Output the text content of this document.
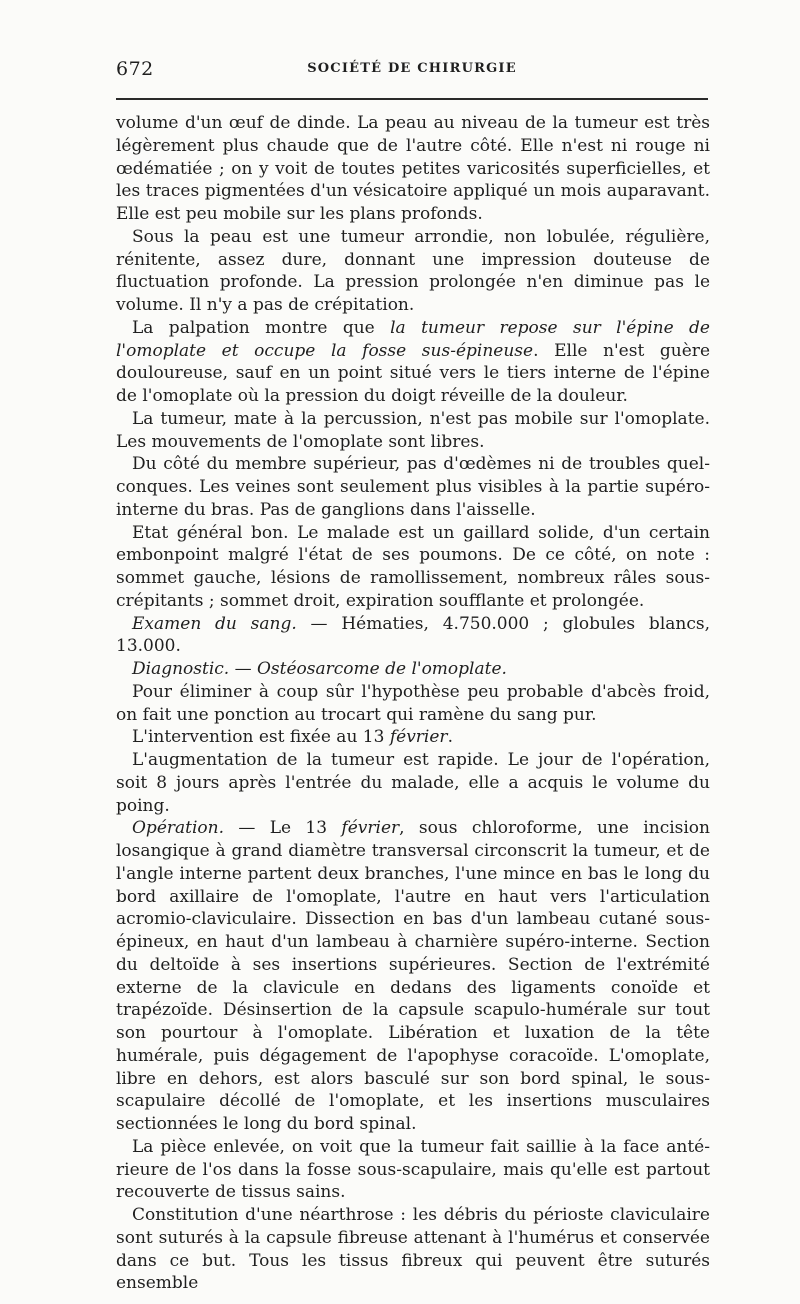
672	SOCIÉTÉ DE CHIRURGIE

volume d'un œuf de dinde. La peau au niveau de la tumeur est très légèrement plus chaude que de l'autre côté. Elle n'est ni rouge ni œdématiée ; on y voit de toutes petites varicosités superficielles, et les traces pigmentées d'un vésicatoire appliqué un mois auparavant. Elle est peu mobile sur les plans profonds.

Sous la peau est une tumeur arrondie, non lobulée, régulière, rénitente, assez dure, donnant une impression douteuse de fluctuation profonde. La pression prolongée n'en diminue pas le volume. Il n'y a pas de crépitation.

La palpation montre que la tumeur repose sur l'épine de l'omoplate et occupe la fosse sus-épineuse. Elle n'est guère douloureuse, sauf en un point situé vers le tiers interne de l'épine de l'omoplate où la pression du doigt réveille de la douleur.

La tumeur, mate à la percussion, n'est pas mobile sur l'omoplate. Les mouvements de l'omoplate sont libres.

Du côté du membre supérieur, pas d'œdèmes ni de troubles quelconques. Les veines sont seulement plus visibles à la partie supéro-interne du bras. Pas de ganglions dans l'aisselle.

Etat général bon. Le malade est un gaillard solide, d'un certain embonpoint malgré l'état de ses poumons. De ce côté, on note : sommet gauche, lésions de ramollissement, nombreux râles sous-crépitants ; sommet droit, expiration soufflante et prolongée.

Examen du sang. — Hématies, 4.750.000 ; globules blancs, 13.000.

Diagnostic. — Ostéosarcome de l'omoplate.

Pour éliminer à coup sûr l'hypothèse peu probable d'abcès froid, on fait une ponction au trocart qui ramène du sang pur.

L'intervention est fixée au 13 février.

L'augmentation de la tumeur est rapide. Le jour de l'opération, soit 8 jours après l'entrée du malade, elle a acquis le volume du poing.

Opération. — Le 13 février, sous chloroforme, une incision losangique à grand diamètre transversal circonscrit la tumeur, et de l'angle interne partent deux branches, l'une mince en bas le long du bord axillaire de l'omoplate, l'autre en haut vers l'articulation acromio-claviculaire. Dissection en bas d'un lambeau cutané sous-épineux, en haut d'un lambeau à charnière supéro-interne. Section du deltoïde à ses insertions supérieures. Section de l'extrémité externe de la clavicule en dedans des ligaments conoïde et trapézoïde. Désinsertion de la capsule scapulo-humérale sur tout son pourtour à l'omoplate. Libération et luxation de la tête humérale, puis dégagement de l'apophyse coracoïde. L'omoplate, libre en dehors, est alors basculé sur son bord spinal, le sous-scapulaire décollé de l'omoplate, et les insertions musculaires sectionnées le long du bord spinal.

La pièce enlevée, on voit que la tumeur fait saillie à la face antérieure de l'os dans la fosse sous-scapulaire, mais qu'elle est partout recouverte de tissus sains.

Constitution d'une néarthrose : les débris du périoste claviculaire sont suturés à la capsule fibreuse attenant à l'humérus et conservée dans ce but. Tous les tissus fibreux qui peuvent être suturés ensemble
